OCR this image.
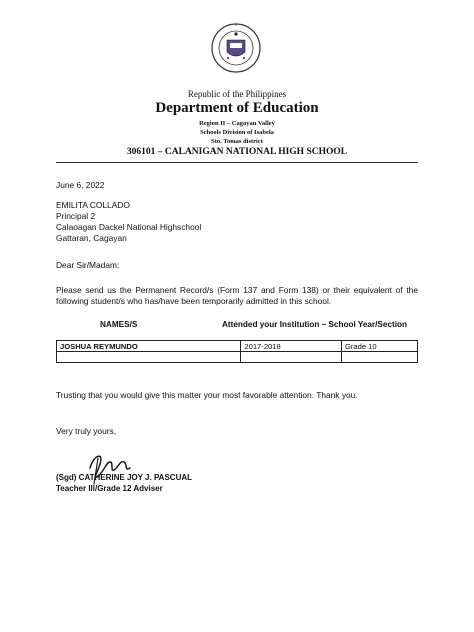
Republic of the Philippines
Department of Education
Region II – Cagayan Valley
Schools Division of Isabela
Sto. Tomas district
306101 – CALANIGAN NATIONAL HIGH SCHOOL
June 6, 2022
EMILITA COLLADO
Principal 2
Calaoagan Dackel National Highschool
Gattaran, Cagayan
Dear Sir/Madam:
Please send us the Permanent Record/s (Form 137 and Form 138) or their equivalent of the following student/s who has/have been temporarily admitted in this school.
NAMES/S	Attended your Institution – School Year/Section
JOSHUA REYMUNDO	2017-2018	Grade 10

Trusting that you would give this matter your most favorable attention. Thank you.
Very truly yours,
(Sgd) CATHERINE JOY J. PASCUAL
Teacher III/Grade 12 Adviser
